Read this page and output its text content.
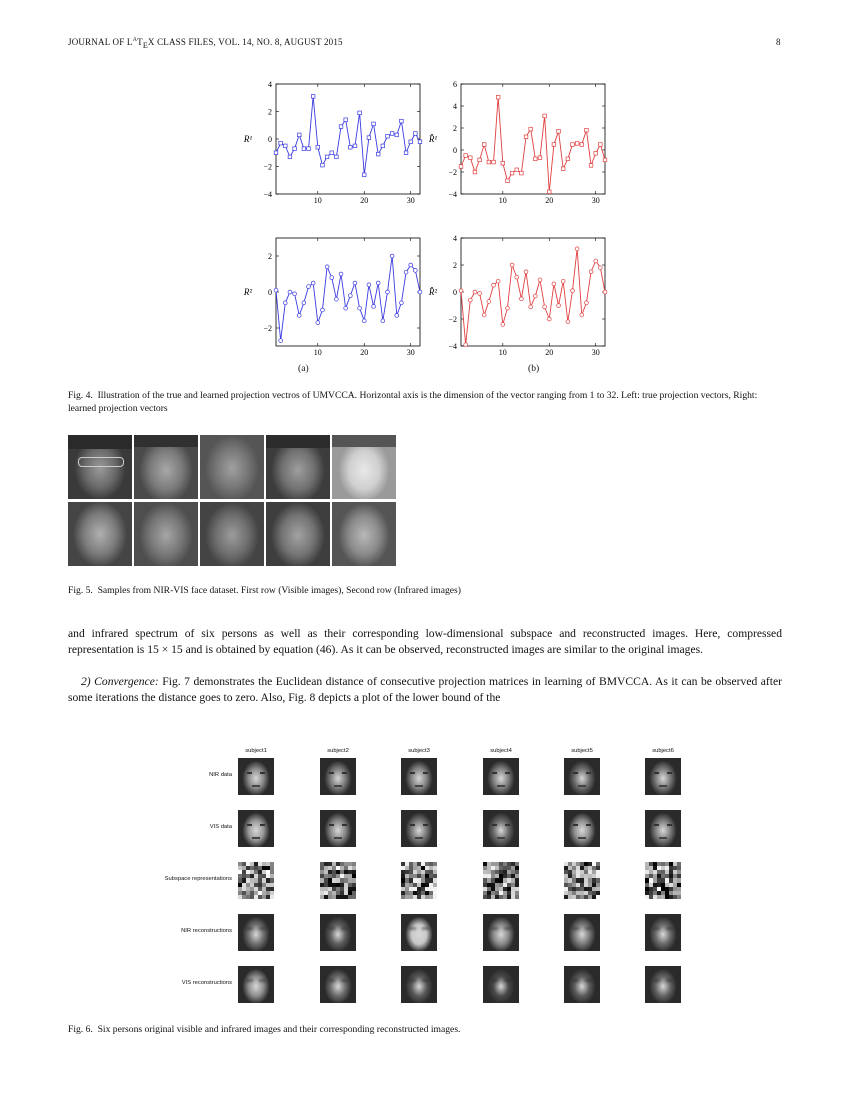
JOURNAL OF $L^AT_EX$ CLASS FILES, VOL. 14, NO. 8, AUGUST 2015	8
10	20	30
−4
−2
0
2
4
R¹
10	20	30
−4
−2
0
2
4
6
R̂¹
10	20	30
−2
0
2
R²
10	20	30
−4
−2
0
2
4
R̂²
(a)	(b)
Fig. 4.  Illustration of the true and learned projection vectros of UMVCCA. Horizontal axis is the dimension of the vector ranging from 1 to 32. Left: true projection vectors, Right: learned projection vectors
Fig. 5.  Samples from NIR-VIS face dataset. First row (Visible images), Second row (Infrared images)
and infrared spectrum of six persons as well as their corresponding low-dimensional subspace and reconstructed images. Here, compressed representation is 15 × 15 and is obtained by equation (46). As it can be observed, reconstructed images are similar to the original images.
2) Convergence: Fig. 7 demonstrates the Euclidean distance of consecutive projection matrices in learning of BMVCCA. As it can be observed after some iterations the distance goes to zero. Also, Fig. 8 depicts a plot of the lower bound of the
subject1	subject2	subject3	subject4	subject5	subject6
NIR data
VIS data
Subspace representations
NIR reconstructions
VIS reconstructions
Fig. 6.  Six persons original visible and infrared images and their corresponding reconstructed images.
